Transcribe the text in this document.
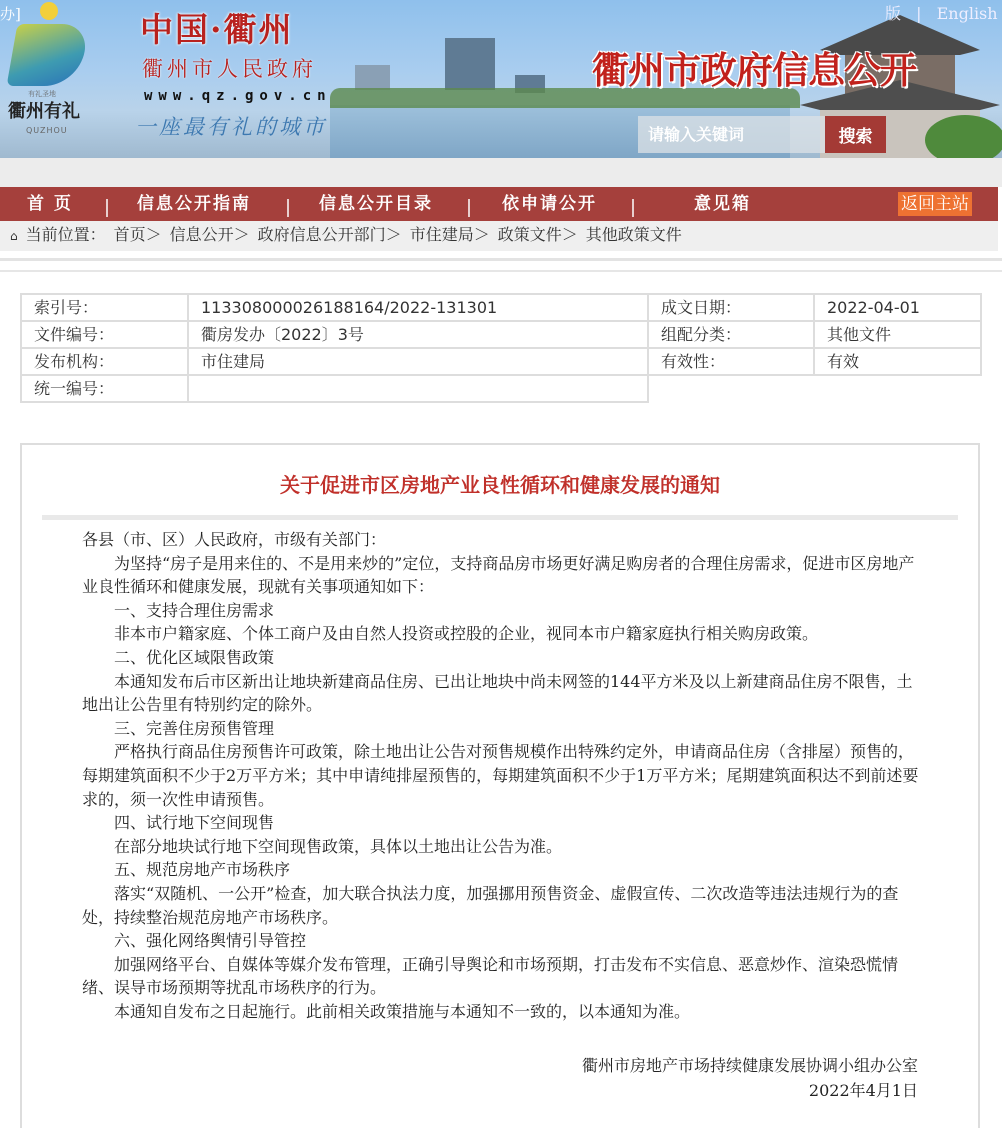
办]
有礼圣地
衢州有礼
QUZHOU
中国·衢州
衢州市人民政府
www.qz.gov.cn
一座最有礼的城市
衢州市政府信息公开
版 | English
请输入关键词
搜索
首 页	信息公开指南	信息公开目录	依申请公开	意见箱	返回主站
⌂ 当前位置： 首页＞ 信息公开＞ 政府信息公开部门＞ 市住建局＞ 政策文件＞ 其他政策文件
索引号：	113308000026188164/2022-131301	成文日期：	2022-04-01
文件编号：	衢房发办〔2022〕3号	组配分类：	其他文件
发布机构：	市住建局	有效性：	有效
统一编号：			
关于促进市区房地产业良性循环和健康发展的通知

各县（市、区）人民政府，市级有关部门：

为坚持“房子是用来住的、不是用来炒的”定位，支持商品房市场更好满足购房者的合理住房需求，促进市区房地产业良性循环和健康发展，现就有关事项通知如下：

一、支持合理住房需求

非本市户籍家庭、个体工商户及由自然人投资或控股的企业，视同本市户籍家庭执行相关购房政策。

二、优化区域限售政策

本通知发布后市区新出让地块新建商品住房、已出让地块中尚未网签的144平方米及以上新建商品住房不限售，土地出让公告里有特别约定的除外。

三、完善住房预售管理

严格执行商品住房预售许可政策，除土地出让公告对预售规模作出特殊约定外，申请商品住房（含排屋）预售的，每期建筑面积不少于2万平方米；其中申请纯排屋预售的，每期建筑面积不少于1万平方米；尾期建筑面积达不到前述要求的，须一次性申请预售。

四、试行地下空间现售

在部分地块试行地下空间现售政策，具体以土地出让公告为准。

五、规范房地产市场秩序

落实“双随机、一公开”检查，加大联合执法力度，加强挪用预售资金、虚假宣传、二次改造等违法违规行为的查处，持续整治规范房地产市场秩序。

六、强化网络舆情引导管控

加强网络平台、自媒体等媒介发布管理，正确引导舆论和市场预期，打击发布不实信息、恶意炒作、渲染恐慌情绪、误导市场预期等扰乱市场秩序的行为。

本通知自发布之日起施行。此前相关政策措施与本通知不一致的，以本通知为准。

衢州市房地产市场持续健康发展协调小组办公室
2022年4月1日
